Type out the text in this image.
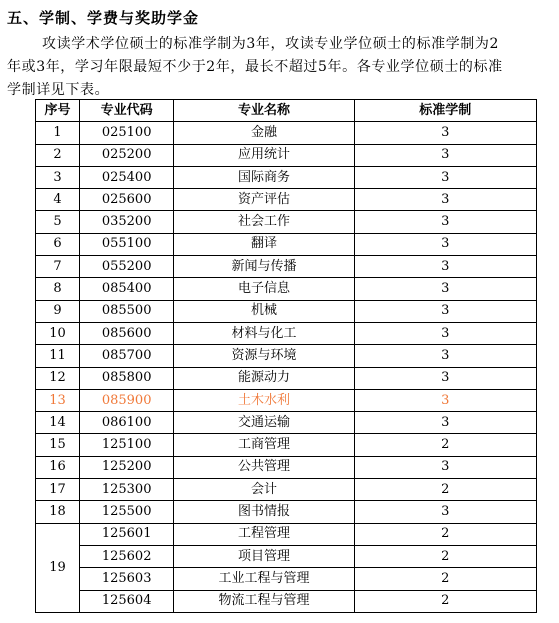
五、学制、学费与奖助学金
攻读学术学位硕士的标准学制为3年，攻读专业学位硕士的标准学制为2
年或3年，学习年限最短不少于2年，最长不超过5年。各专业学位硕士的标准
学制详见下表。
序号	专业代码	专业名称	标准学制
1	025100	金融	3
2	025200	应用统计	3
3	025400	国际商务	3
4	025600	资产评估	3
5	035200	社会工作	3
6	055100	翻译	3
7	055200	新闻与传播	3
8	085400	电子信息	3
9	085500	机械	3
10	085600	材料与化工	3
11	085700	资源与环境	3
12	085800	能源动力	3
13	085900	土木水利	3
14	086100	交通运输	3
15	125100	工商管理	2
16	125200	公共管理	3
17	125300	会计	2
18	125500	图书情报	3
19	125601	工程管理	2
	125602	项目管理	2
	125603	工业工程与管理	2
	125604	物流工程与管理	2
